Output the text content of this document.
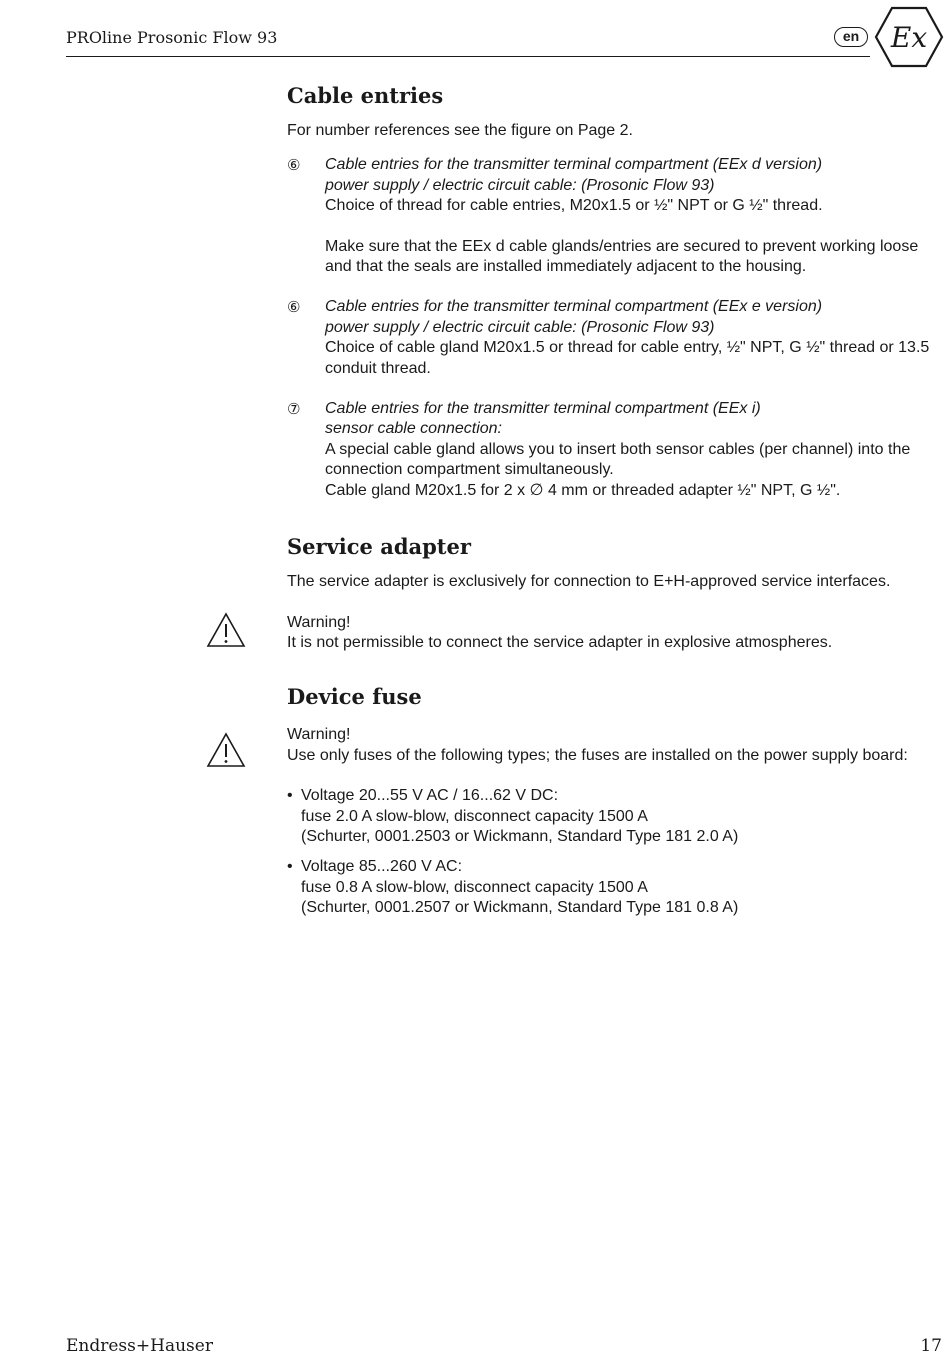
PROline Prosonic Flow 93	en	Ex
Cable entries

For number references see the figure on Page 2.

⑥ Cable entries for the transmitter terminal compartment (EEx d version)

power supply / electric circuit cable: (Prosonic Flow 93)

Choice of thread for cable entries, M20x1.5 or ½" NPT or G ½" thread.

Make sure that the EEx d cable glands/entries are secured to prevent working loose and that the seals are installed immediately adjacent to the housing.

⑥ Cable entries for the transmitter terminal compartment (EEx e version)

power supply / electric circuit cable: (Prosonic Flow 93)

Choice of cable gland M20x1.5 or thread for cable entry, ½" NPT, G ½" thread or 13.5 conduit thread.

⑦ Cable entries for the transmitter terminal compartment (EEx i)

sensor cable connection:

A special cable gland allows you to insert both sensor cables (per channel) into the connection compartment simultaneously.

Cable gland M20x1.5 for 2 x ∅ 4 mm or threaded adapter ½" NPT, G ½".

Service adapter

The service adapter is exclusively for connection to E+H-approved service interfaces.

Warning!

It is not permissible to connect the service adapter in explosive atmospheres.

Device fuse

Warning!

Use only fuses of the following types; the fuses are installed on the power supply board:

• Voltage 20...55 V AC / 16...62 V DC:

fuse 2.0 A slow-blow, disconnect capacity 1500 A

(Schurter, 0001.2503 or Wickmann, Standard Type 181 2.0 A)

• Voltage 85...260 V AC:

fuse 0.8 A slow-blow, disconnect capacity 1500 A

(Schurter, 0001.2507 or Wickmann, Standard Type 181 0.8 A)

Endress+Hauser	17
